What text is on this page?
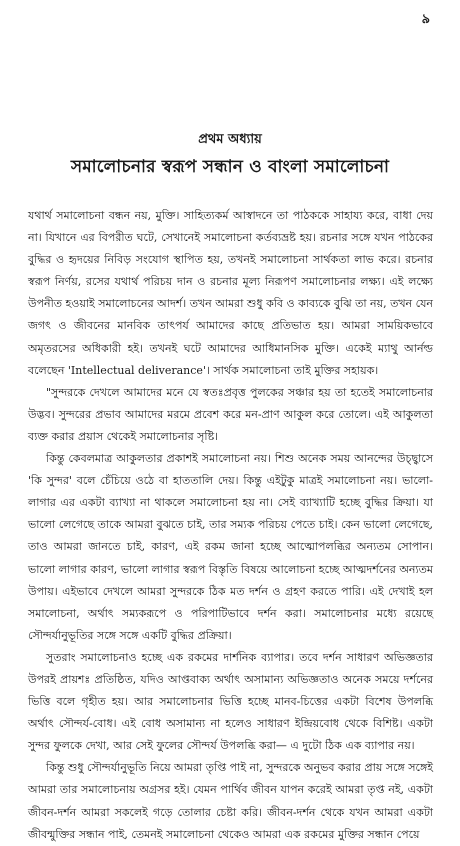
৯
প্রথম অধ্যায়
সমালোচনার স্বরূপ সন্ধান ও বাংলা সমালোচনা

যথার্থ সমালোচনা বন্ধন নয়, মুক্তি। সাহিত্যকর্ম আস্বাদনে তা পাঠককে সাহায্য করে, বাধা দেয় না। যিখানে এর বিপরীত ঘটে, সেখানেই সমালোচনা কর্তব্যভ্রষ্ট হয়। রচনার সঙ্গে যখন পাঠকের বুদ্ধির ও হৃদয়ের নিবিড় সংযোগ স্থাপিত হয়, তখনই সমালোচনা সার্থকতা লাভ করে। রচনার স্বরূপ নির্ণয়, রসের যথার্থ পরিচয় দান ও রচনার মূল্য নিরূপণ সমালোচনার লক্ষ্য। এই লক্ষ্যে উপনীত হওয়াই সমালোচনের আদর্শ। তখন আমরা শুধু কবি ও কাব্যকে বুঝি তা নয়, তখন যেন জগৎ ও জীবনের মানবিক তাৎপর্য আমাদের কাছে প্রতিভাত হয়। আমরা সাময়িকভাবে অমৃতরসের অধিকারী হই। তখনই ঘটে আমাদের আধিমানসিক মুক্তি। একেই ম্যাথু আর্নল্ড বলেছেন 'Intellectual deliverance'। সার্থক সমালোচনা তাই মুক্তির সহায়ক।

"সুন্দরকে দেখলে আমাদের মনে যে স্বতঃপ্রবৃত্ত পুলকের সঞ্চার হয় তা হতেই সমালোচনার উদ্ভব। সুন্দরের প্রভাব আমাদের মরমে প্রবেশ করে মন-প্রাণ আকুল করে তোলে। এই আকুলতা ব্যক্ত করার প্রয়াস থেকেই সমালোচনার সৃষ্টি।

কিন্তু কেবলমাত্র আকুলতার প্রকাশই সমালোচনা নয়। শিশু অনেক সময় আনন্দের উচ্ছ্বাসে 'কি সুন্দর' বলে চেঁচিয়ে ওঠে বা হাততালি দেয়। কিন্তু এইটুকু মাত্রই সমালোচনা নয়। ভালো-লাগার এর একটা ব্যাখ্যা না থাকলে সমালোচনা হয় না। সেই ব্যাখ্যাটি হচ্ছে বুদ্ধির ক্রিয়া। যা ভালো লেগেছে তাকে আমরা বুঝতে চাই, তার সম্যক পরিচয় পেতে চাই। কেন ভালো লেগেছে, তাও আমরা জানতে চাই, কারণ, এই রকম জানা হচ্ছে আত্মোপলব্ধির অন্যতম সোপান। ভালো লাগার কারণ, ভালো লাগার স্বরূপ বিস্তৃতি বিষয়ে আলোচনা হচ্ছে আত্মদর্শনের অন্যতম উপায়। এইভাবে দেখলে আমরা সুন্দরকে ঠিক মত দর্শন ও গ্রহণ করতে পারি। এই দেখাই হল সমালোচনা, অর্থাৎ সম্যকরূপে ও পরিপাটিভাবে দর্শন করা। সমালোচনার মধ্যে রয়েছে সৌন্দর্যানুভূতির সঙ্গে সঙ্গে একটি বুদ্ধির প্রক্রিয়া।

সুতরাং সমালোচনাও হচ্ছে এক রকমের দার্শনিক ব্যাপার। তবে দর্শন সাধারণ অভিজ্ঞতার উপরই প্রায়শঃ প্রতিষ্ঠিত, যদিও আপ্তবাক্য অর্থাৎ অসামান্য অভিজ্ঞতাও অনেক সময়ে দর্শনের ভিত্তি বলে গৃহীত হয়। আর সমালোচনার ভিত্তি হচ্ছে মানব-চিত্তের একটা বিশেষ উপলব্ধি অর্থাৎ সৌন্দর্য-বোধ। এই বোধ অসামান্য না হলেও সাধারণ ইন্দ্রিয়বোধ থেকে বিশিষ্ট। একটা সুন্দর ফুলকে দেখা, আর সেই ফুলের সৌন্দর্য উপলব্ধি করা— এ দুটো ঠিক এক ব্যাপার নয়।

কিন্তু শুধু সৌন্দর্যানুভূতি নিয়ে আমরা তৃপ্তি পাই না, সুন্দরকে অনুভব করার প্রায় সঙ্গে সঙ্গেই আমরা তার সমালোচনায় অগ্রসর হই। যেমন পার্থিব জীবন যাপন করেই আমরা তৃপ্ত নই, একটা জীবন-দর্শন আমরা সকলেই গড়ে তোলার চেষ্টা করি। জীবন-দর্শন থেকে যখন আমরা একটা জীবন্মুক্তির সন্ধান পাই, তেমনই সমালোচনা থেকেও আমরা এক রকমের মুক্তির সন্ধান পেয়ে
